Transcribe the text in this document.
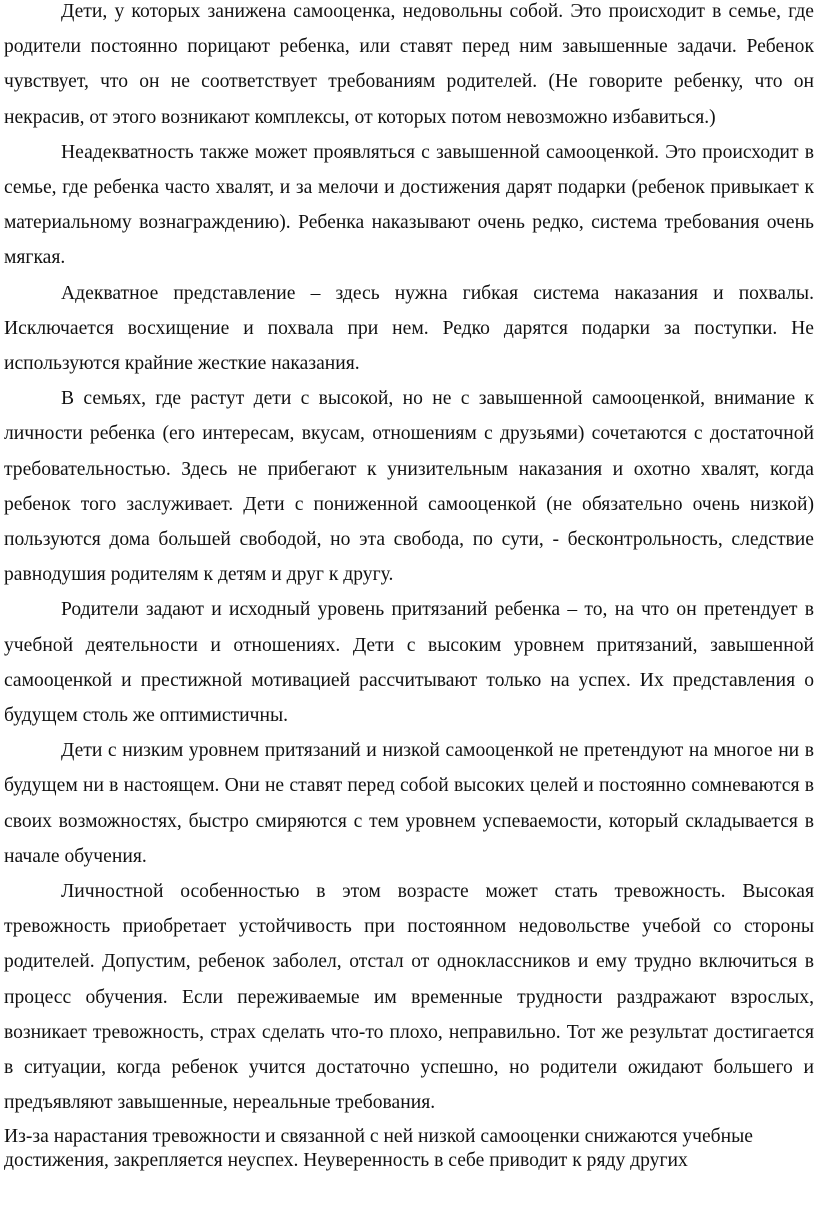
Дети, у которых занижена самооценка, недовольны собой. Это происходит в семье, где родители постоянно порицают ребенка, или ставят перед ним завышенные задачи. Ребенок чувствует, что он не соответствует требованиям родителей. (Не говорите ребенку, что он некрасив, от этого возникают комплексы, от которых потом невозможно избавиться.)

Неадекватность также может проявляться с завышенной самооценкой. Это происходит в семье, где ребенка часто хвалят, и за мелочи и достижения дарят подарки (ребенок привыкает к материальному вознаграждению). Ребенка наказывают очень редко, система требования очень мягкая.

Адекватное представление – здесь нужна гибкая система наказания и похвалы. Исключается восхищение и похвала при нем. Редко дарятся подарки за поступки. Не используются крайние жесткие наказания.

В семьях, где растут дети с высокой, но не с завышенной самооценкой, внимание к личности ребенка (его интересам, вкусам, отношениям с друзьями) сочетаются с достаточной требовательностью. Здесь не прибегают к унизительным наказания и охотно хвалят, когда ребенок того заслуживает. Дети с пониженной самооценкой (не обязательно очень низкой) пользуются дома большей свободой, но эта свобода, по сути, - бесконтрольность, следствие равнодушия родителям к детям и друг к другу.

Родители задают и исходный уровень притязаний ребенка – то, на что он претендует в учебной деятельности и отношениях. Дети с высоким уровнем притязаний, завышенной самооценкой и престижной мотивацией рассчитывают только на успех. Их представления о будущем столь же оптимистичны.

Дети с низким уровнем притязаний и низкой самооценкой не претендуют на многое ни в будущем ни в настоящем. Они не ставят перед собой высоких целей и постоянно сомневаются в своих возможностях, быстро смиряются с тем уровнем успеваемости, который складывается в начале обучения.

Личностной особенностью в этом возрасте может стать тревожность. Высокая тревожность приобретает устойчивость при постоянном недовольстве учебой со стороны родителей. Допустим, ребенок заболел, отстал от одноклассников и ему трудно включиться в процесс обучения. Если переживаемые им временные трудности раздражают взрослых, возникает тревожность, страх сделать что-то плохо, неправильно. Тот же результат достигается в ситуации, когда ребенок учится достаточно успешно, но родители ожидают большего и предъявляют завышенные, нереальные требования.

Из-за нарастания тревожности и связанной с ней низкой самооценки снижаются учебные
достижения, закрепляется неуспех. Неуверенность в себе приводит к ряду других
